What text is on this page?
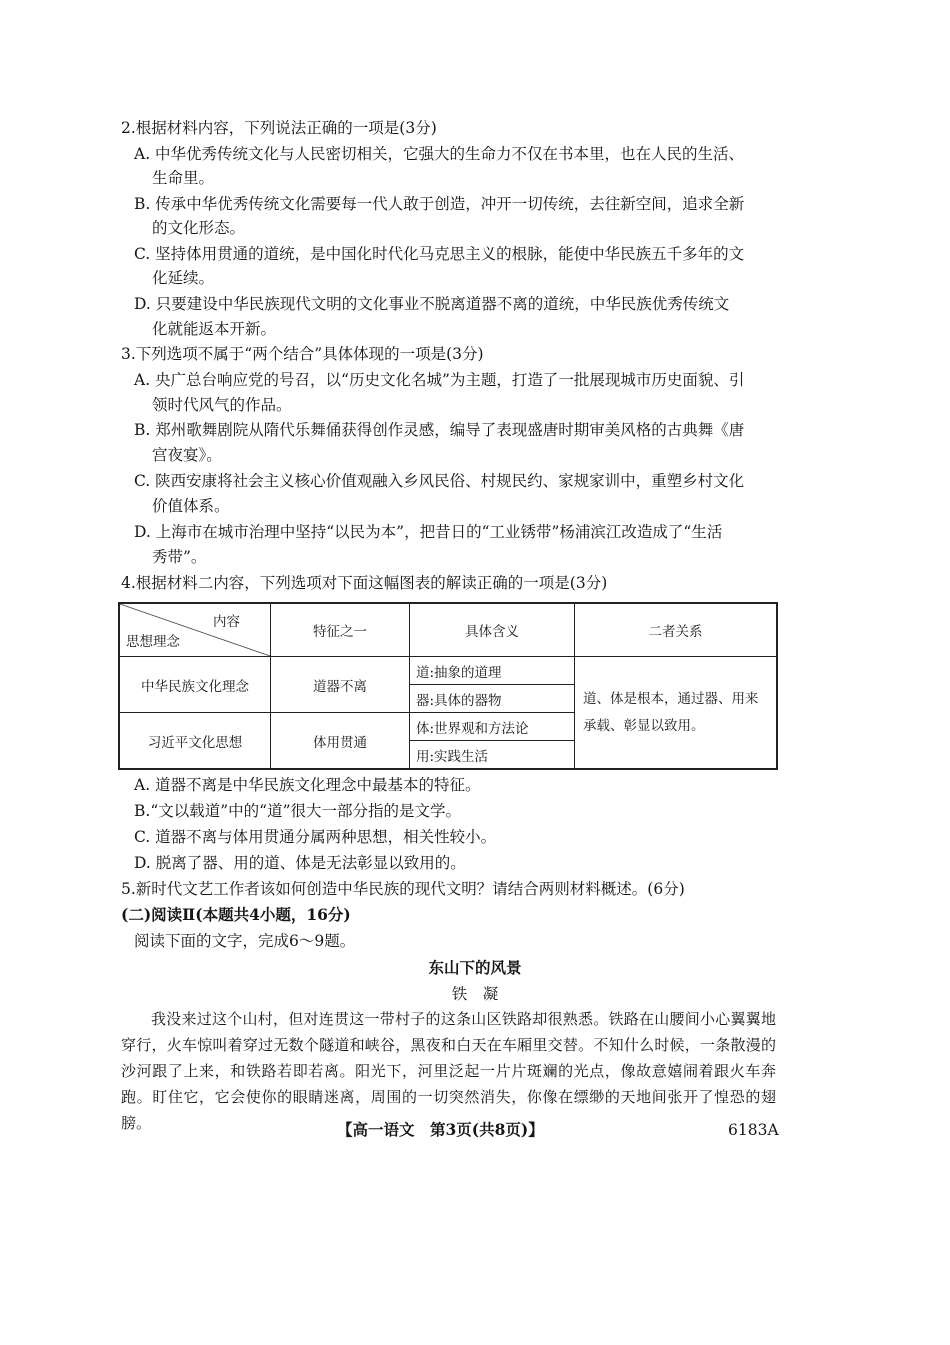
2.根据材料内容，下列说法正确的一项是(3分)
A. 中华优秀传统文化与人民密切相关，它强大的生命力不仅在书本里，也在人民的生活、
生命里。
B. 传承中华优秀传统文化需要每一代人敢于创造，冲开一切传统，去往新空间，追求全新
的文化形态。
C. 坚持体用贯通的道统，是中国化时代化马克思主义的根脉，能使中华民族五千多年的文
化延续。
D. 只要建设中华民族现代文明的文化事业不脱离道器不离的道统，中华民族优秀传统文
化就能返本开新。
3.下列选项不属于“两个结合”具体体现的一项是(3分)
A. 央广总台响应党的号召，以“历史文化名城”为主题，打造了一批展现城市历史面貌、引
领时代风气的作品。
B. 郑州歌舞剧院从隋代乐舞俑获得创作灵感，编导了表现盛唐时期审美风格的古典舞《唐
宫夜宴》。
C. 陕西安康将社会主义核心价值观融入乡风民俗、村规民约、家规家训中，重塑乡村文化
价值体系。
D. 上海市在城市治理中坚持“以民为本”，把昔日的“工业锈带”杨浦滨江改造成了“生活
秀带”。
4.根据材料二内容，下列选项对下面这幅图表的解读正确的一项是(3分)
内容
思想理念	特征之一	具体含义	二者关系
中华民族文化理念	道器不离	道:抽象的道理	道、体是根本，通过器、用来承载、彰显以致用。
		器:具体的器物	
习近平文化思想	体用贯通	体:世界观和方法论	
		用:实践生活	
A. 道器不离是中华民族文化理念中最基本的特征。
B.“文以载道”中的“道”很大一部分指的是文学。
C. 道器不离与体用贯通分属两种思想，相关性较小。
D. 脱离了器、用的道、体是无法彰显以致用的。
5.新时代文艺工作者该如何创造中华民族的现代文明？请结合两则材料概述。(6分)
(二)阅读Ⅱ(本题共4小题，16分)
阅读下面的文字，完成6～9题。
东山下的风景
铁　凝
我没来过这个山村，但对连贯这一带村子的这条山区铁路却很熟悉。铁路在山腰间小心翼翼地穿行，火车惊叫着穿过无数个隧道和峡谷，黑夜和白天在车厢里交替。不知什么时候，一条散漫的沙河跟了上来，和铁路若即若离。阳光下，河里泛起一片片斑斓的光点，像故意嬉闹着跟火车奔跑。盯住它，它会使你的眼睛迷离，周围的一切突然消失，你像在缥缈的天地间张开了惶恐的翅膀。	【高一语文　第3页(共8页)】	6183A
